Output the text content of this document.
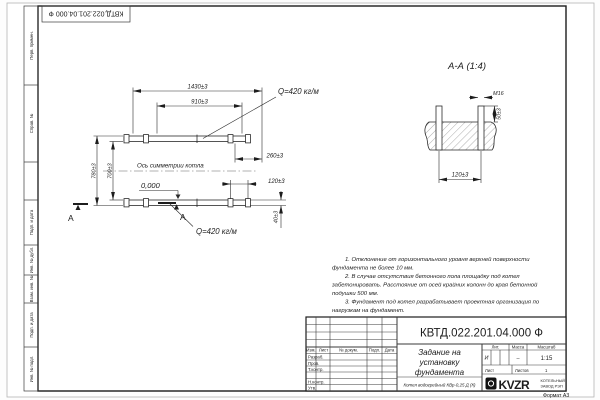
Перв. примен.
Справ. №
Подп. и дата
Инв. № дубл.
Взам. инв. №
Подп. и дата
Инв. № подл.
КВТД.022.201.04.000 Ф
Ось симметрии котла
1430±3
910±3
780±3 700±3
260±3
120±3
40±3
0,000
Q=420 кг/м
Q=420 кг/м
А	А
А-А (1:4)
М16
50±3
120±3
1. Отклонение от горизонтального уровня верхней поверхности
фундамента не более 10 мм.
2. В случае отсутствия бетонного пола площадку под котел
забетонировать. Расстояние от осей крайних колонн до края бетонной
подушки 500 мм.
3. Фундамент под котел разрабатывает проектная организация по
нагрузкам на фундамент.
Изм. Лист	№ докум.	Подп. Дата
Разраб.
Пров.
Т.контр.
Н.контр.
Утв.
КВТД.022.201.04.000 Ф
Задание на
установку
фундамента
Котел водогрейный КВр-0,25 Д (К)
Лит.	Масса	Масштаб
И	–	1:15
Лист	Листов	1
KVZR	КОТЕЛЬНЫЙ
ЗАВОД РЭП
Формат А3
